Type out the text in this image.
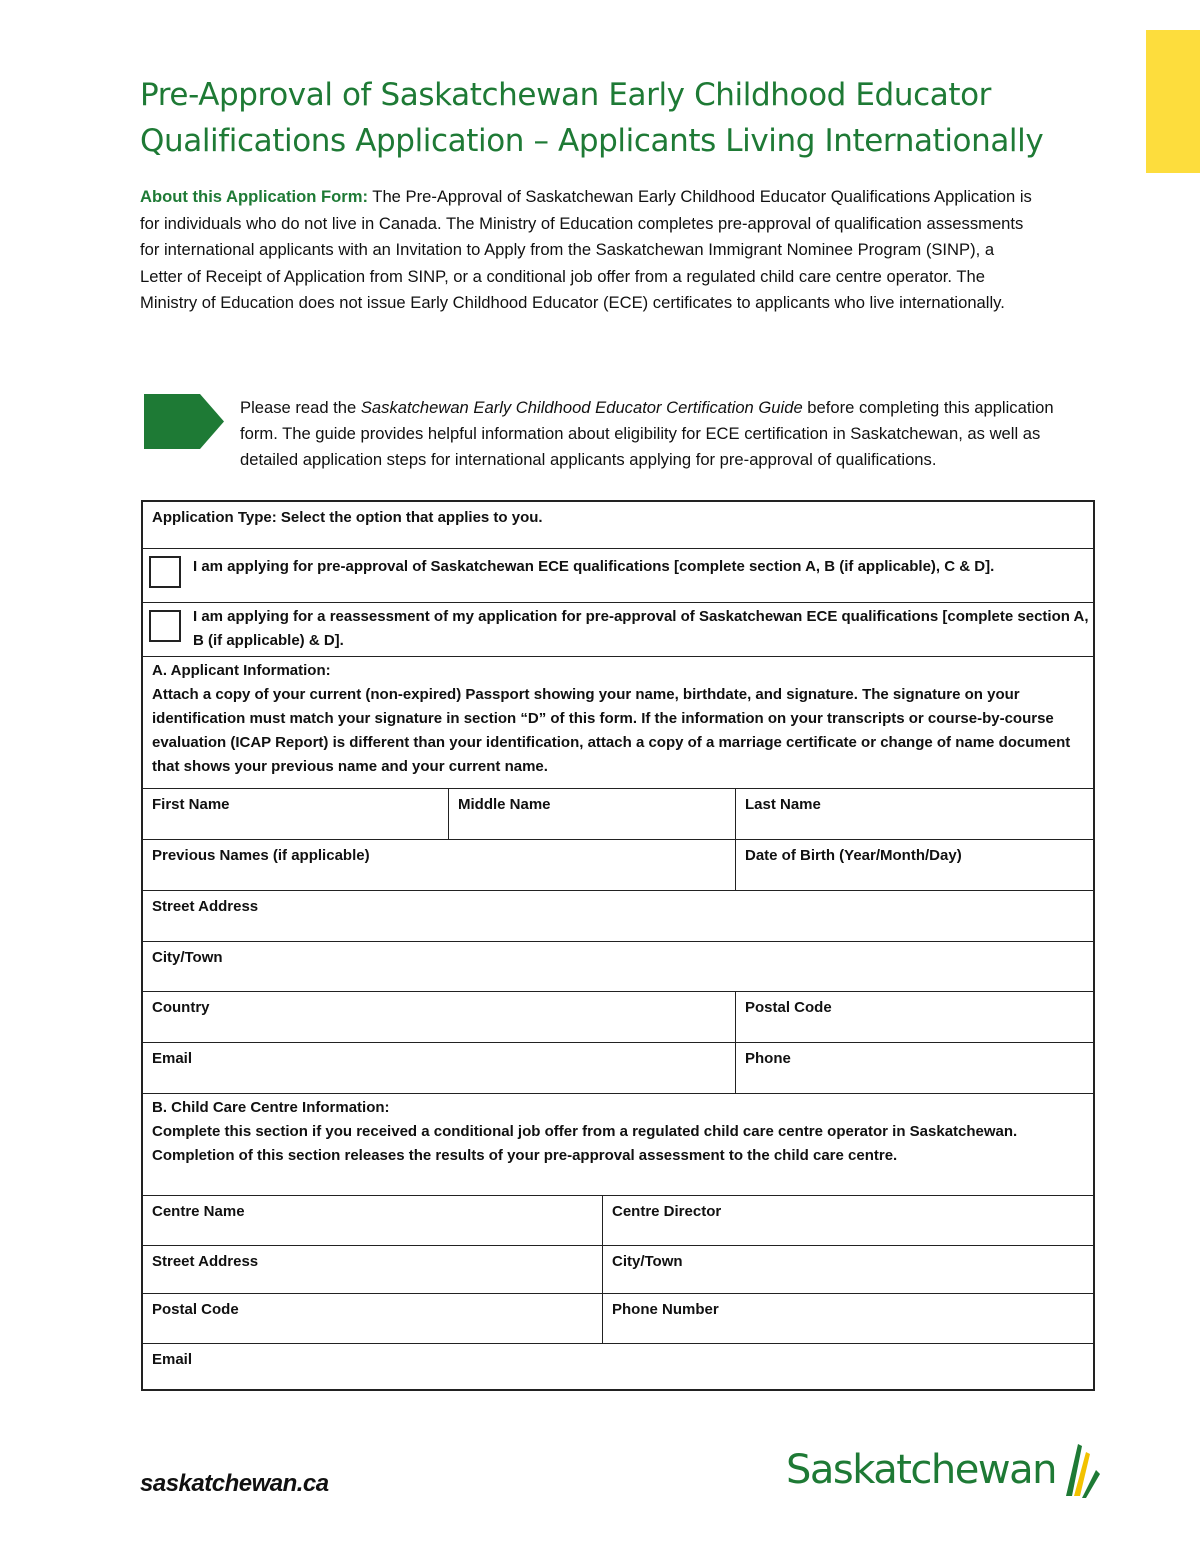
Pre-Approval of Saskatchewan Early Childhood Educator
Qualifications Application – Applicants Living Internationally

About this Application Form: The Pre-Approval of Saskatchewan Early Childhood Educator Qualifications Application is for individuals who do not live in Canada. The Ministry of Education completes pre-approval of qualification assessments for international applicants with an Invitation to Apply from the Saskatchewan Immigrant Nominee Program (SINP), a Letter of Receipt of Application from SINP, or a conditional job offer from a regulated child care centre operator. The Ministry of Education does not issue Early Childhood Educator (ECE) certificates to applicants who live internationally.

Please read the Saskatchewan Early Childhood Educator Certification Guide before completing this application form. The guide provides helpful information about eligibility for ECE certification in Saskatchewan, as well as detailed application steps for international applicants applying for pre-approval of qualifications.

Application Type: Select the option that applies to you.
I am applying for pre-approval of Saskatchewan ECE qualifications [complete section A, B (if applicable), C & D].
I am applying for a reassessment of my application for pre-approval of Saskatchewan ECE qualifications [complete section A, B (if applicable) & D].
A. Applicant Information:
Attach a copy of your current (non-expired) Passport showing your name, birthdate, and signature. The signature on your identification must match your signature in section “D” of this form. If the information on your transcripts or course-by-course evaluation (ICAP Report) is different than your identification, attach a copy of a marriage certificate or change of name document that shows your previous name and your current name.
First Name	Middle Name	Last Name
Previous Names (if applicable)	Date of Birth (Year/Month/Day)
Street Address
City/Town
Country	Postal Code
Email	Phone
B. Child Care Centre Information:
Complete this section if you received a conditional job offer from a regulated child care centre operator in Saskatchewan. Completion of this section releases the results of your pre-approval assessment to the child care centre.
Centre Name	Centre Director
Street Address	City/Town
Postal Code	Phone Number
Email

saskatchewan.ca	Saskatchewan
